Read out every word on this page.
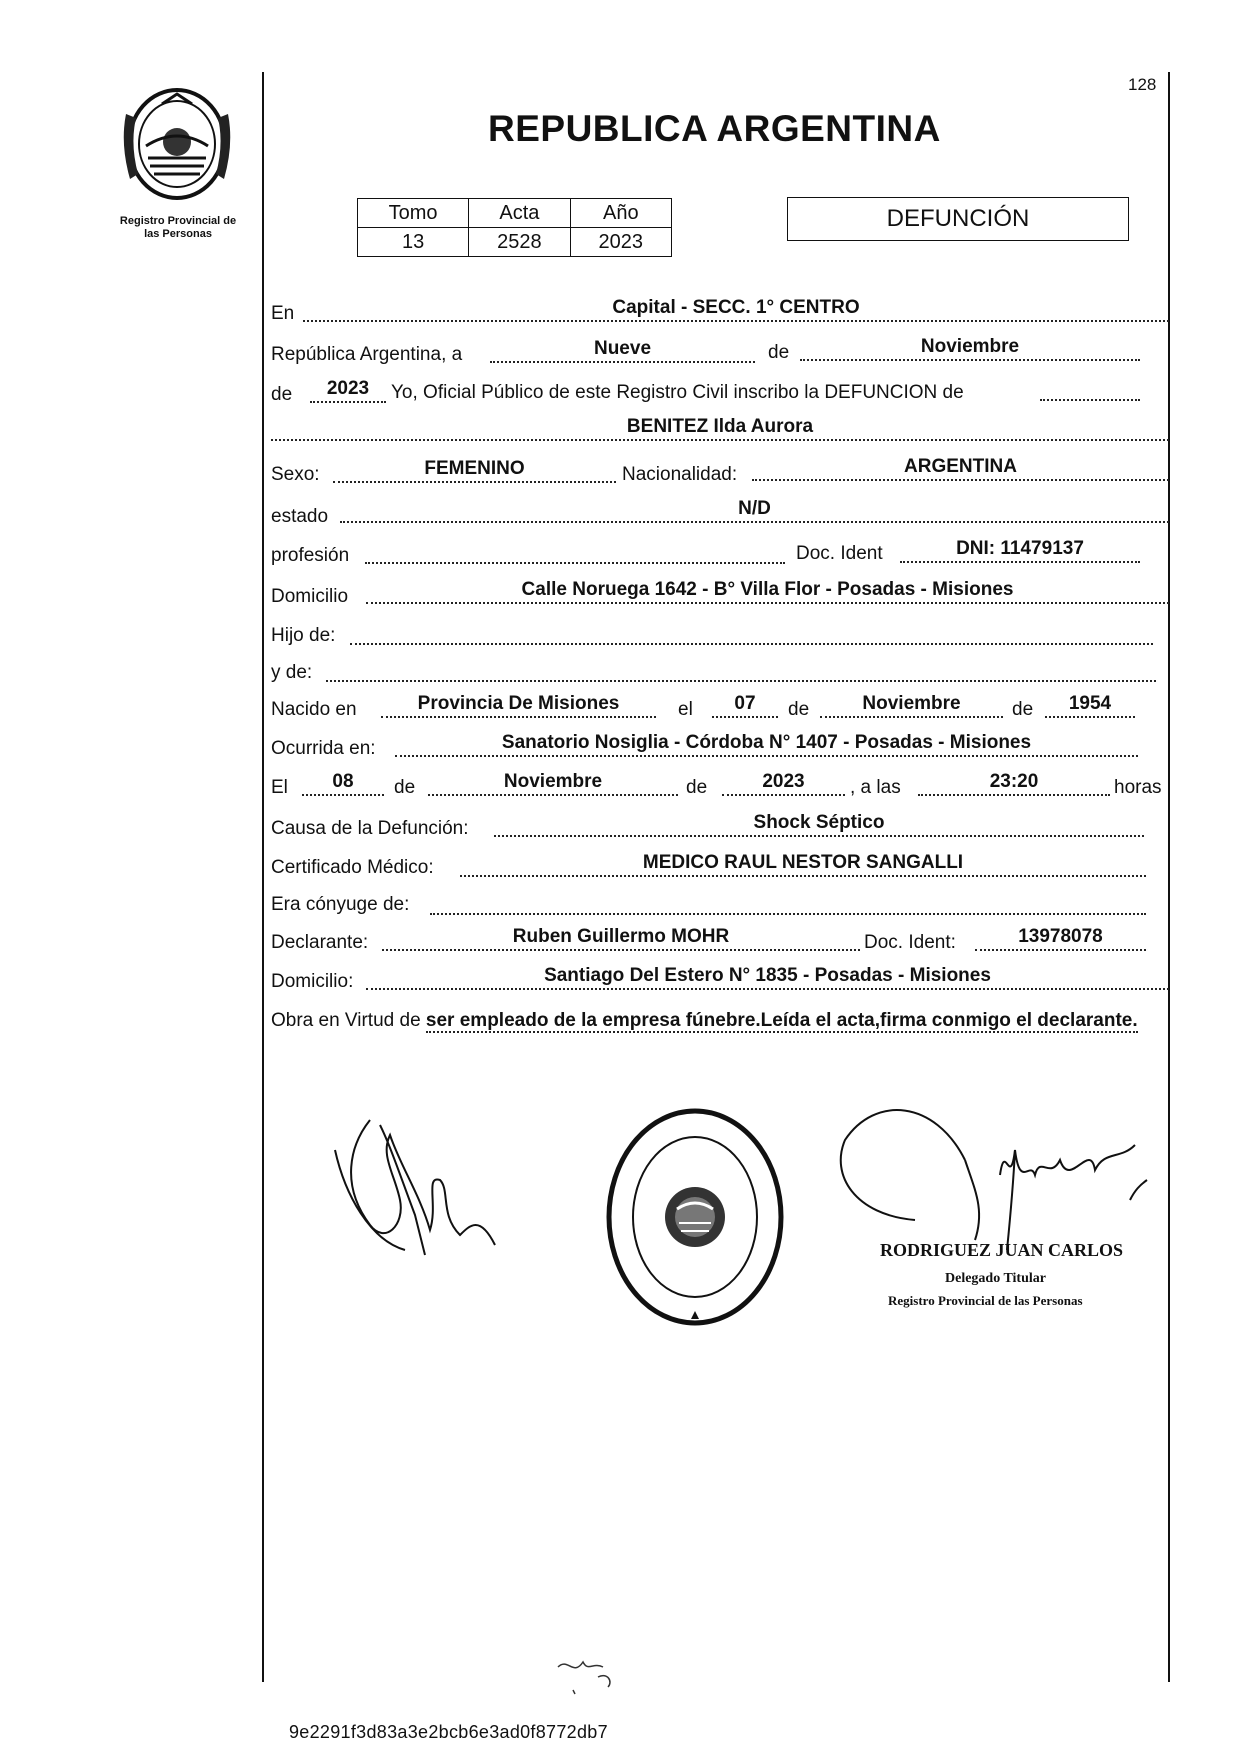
128
Registro Provincial de
las Personas
REPUBLICA ARGENTINA
Tomo	Acta	Año
13	2528	2023
DEFUNCIÓN
En	Capital - SECC. 1° CENTRO
República Argentina, a	Nueve	de	Noviembre
de	2023	Yo, Oficial Público de este Registro Civil inscribo la DEFUNCION de
BENITEZ Ilda Aurora
Sexo:	FEMENINO	Nacionalidad:	ARGENTINA
estado	N/D
profesión	Doc. Ident	DNI: 11479137
Domicilio	Calle Noruega 1642 - B° Villa Flor - Posadas - Misiones
Hijo de:
y de:
Nacido en	Provincia De Misiones	el	07	de	Noviembre	de	1954
Ocurrida en:	Sanatorio Nosiglia - Córdoba N° 1407 - Posadas - Misiones
El	08	de	Noviembre	de	2023	, a las	23:20	horas
Causa de la Defunción:	Shock Séptico
Certificado Médico:	MEDICO RAUL NESTOR SANGALLI
Era cónyuge de:
Declarante:	Ruben Guillermo MOHR	Doc. Ident:	13978078
Domicilio:	Santiago Del Estero N° 1835 - Posadas - Misiones
Obra en Virtud de ser empleado de la empresa fúnebre.Leída el acta,firma conmigo el declarante.
RODRIGUEZ JUAN CARLOS
Delegado Titular
Registro Provincial de las Personas
9e2291f3d83a3e2bcb6e3ad0f8772db7
